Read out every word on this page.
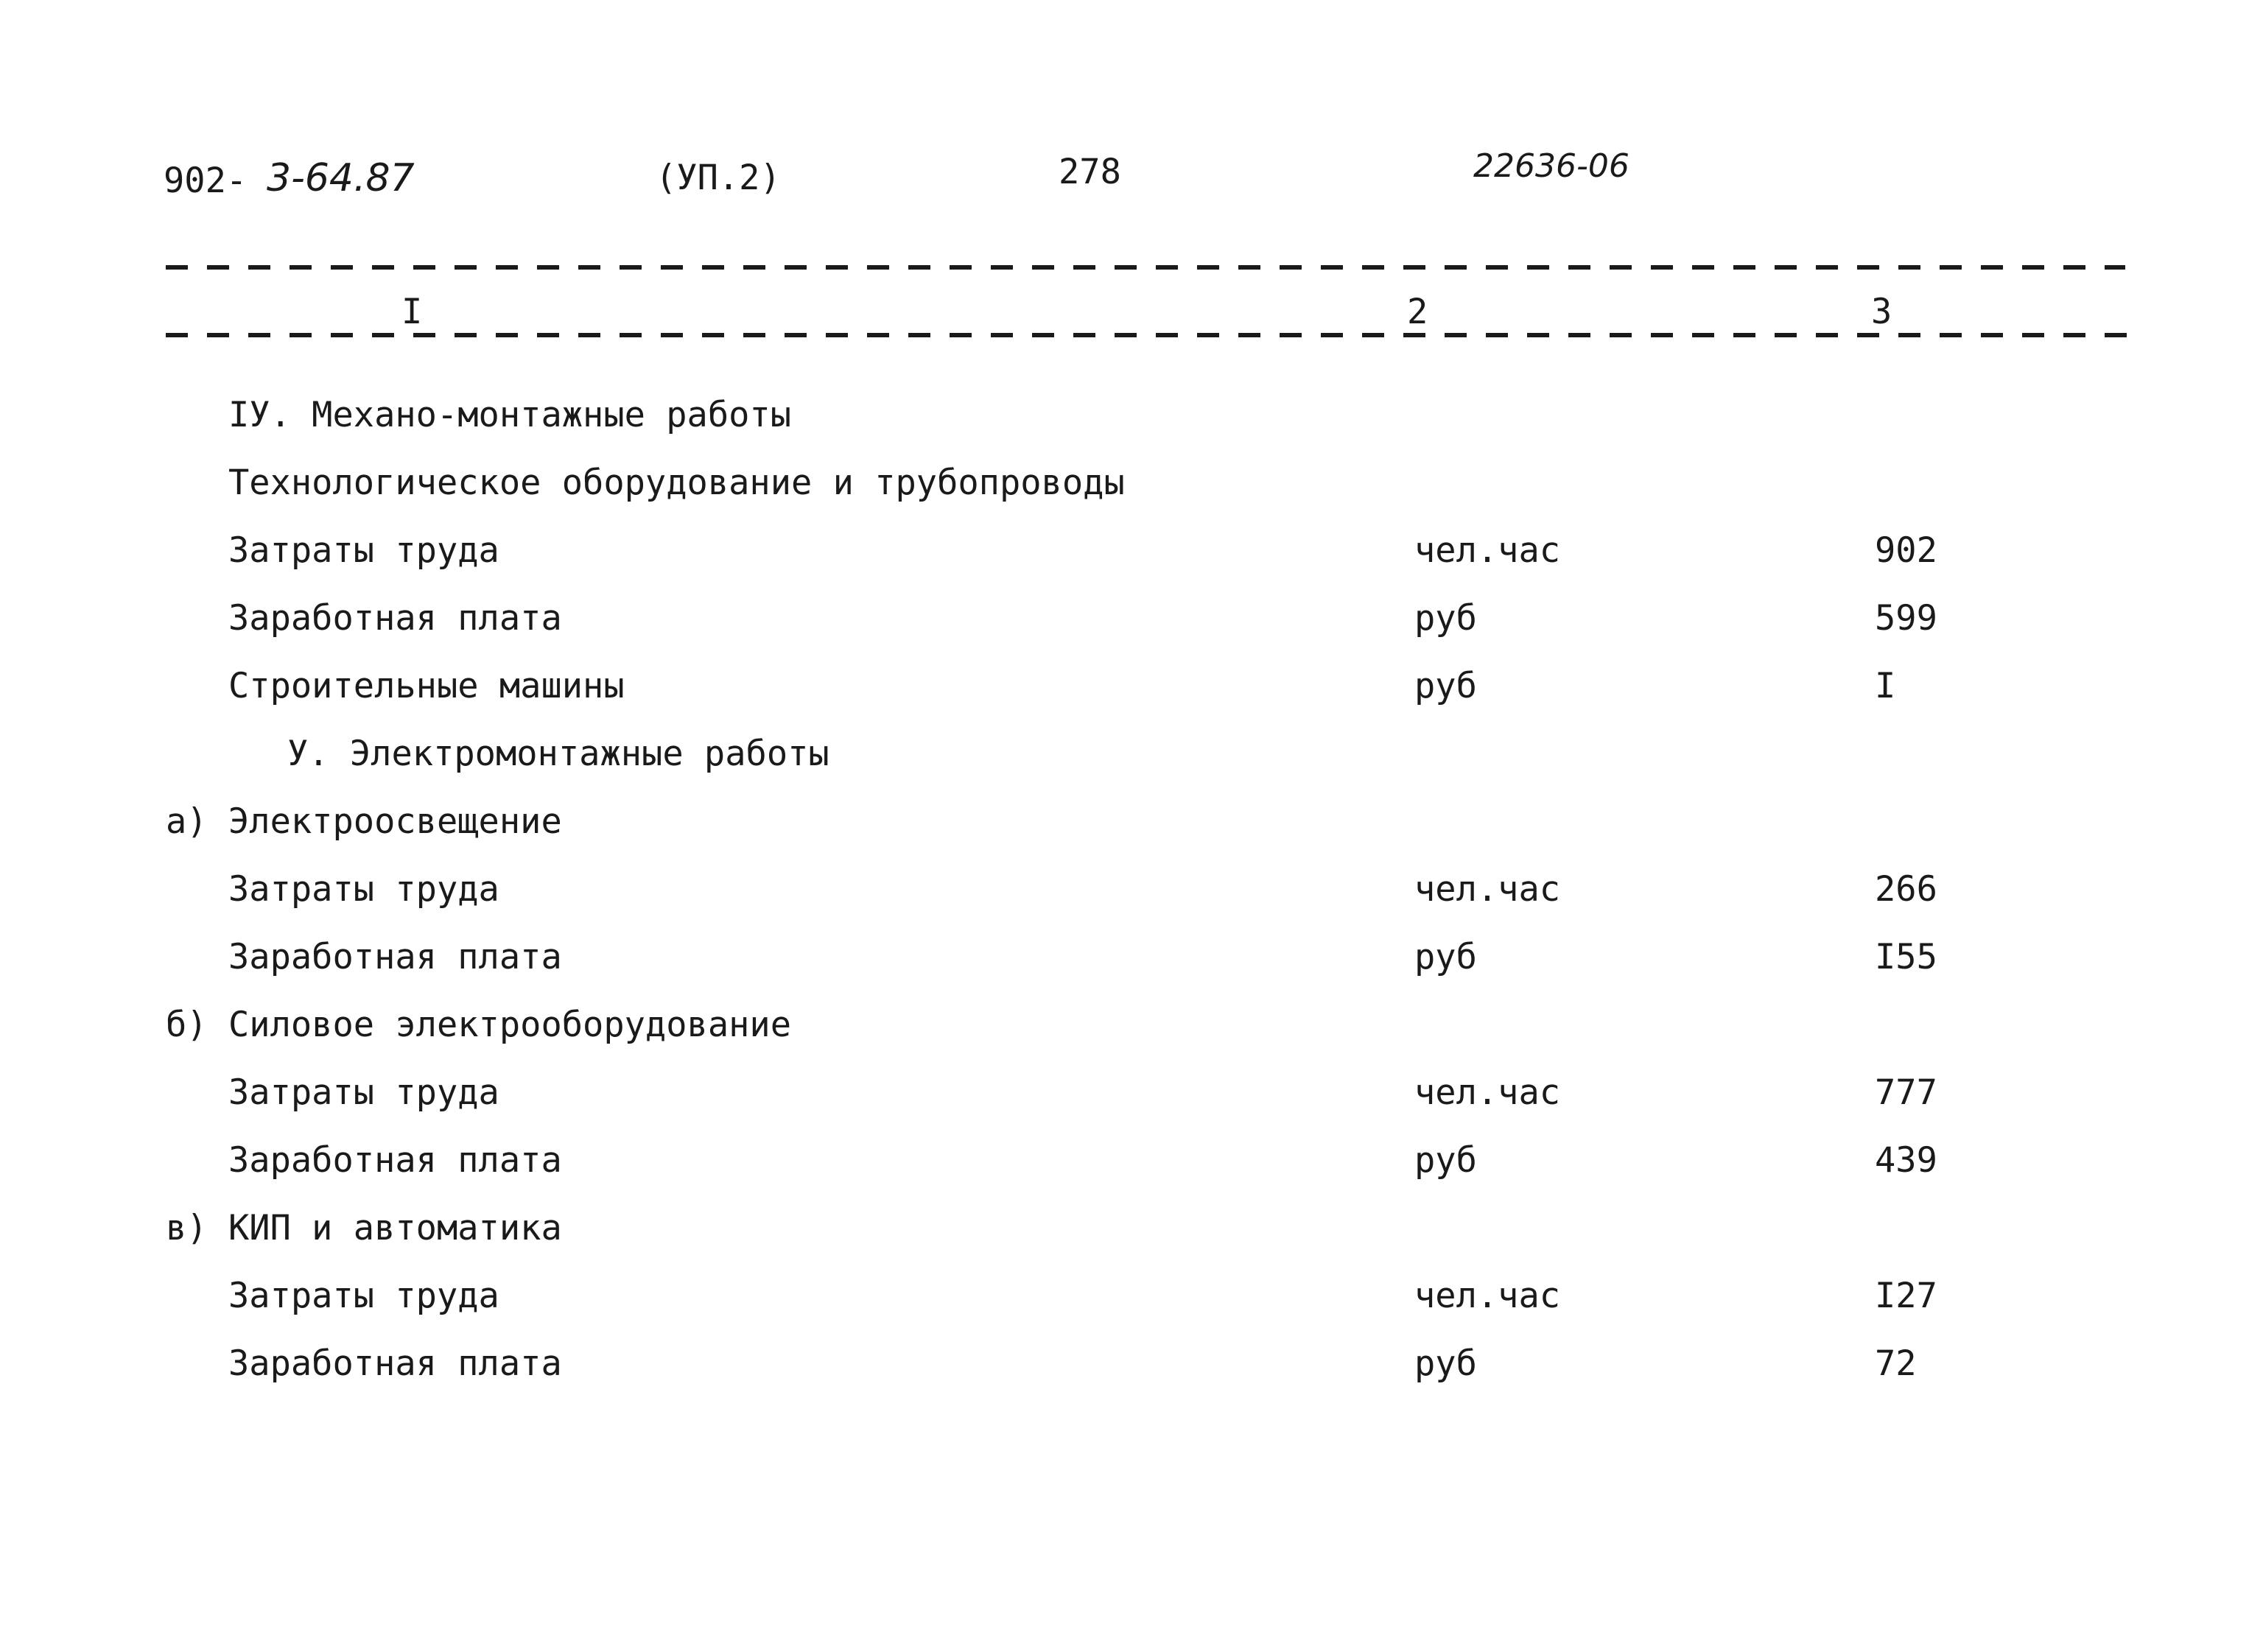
902- 3-64.87	(УП.2)	278	22636-06
I	2	3
IУ. Механо-монтажные работы
Технологическое оборудование и трубопроводы
Затраты труда	чел.час	902
Заработная плата	руб	599
Строительные машины	руб	I
У. Электромонтажные работы
а) Электроосвещение
Затраты труда	чел.час	266
Заработная плата	руб	I55
б) Силовое электрооборудование
Затраты труда	чел.час	777
Заработная плата	руб	439
в) КИП и автоматика
Затраты труда	чел.час	I27
Заработная плата	руб	72
